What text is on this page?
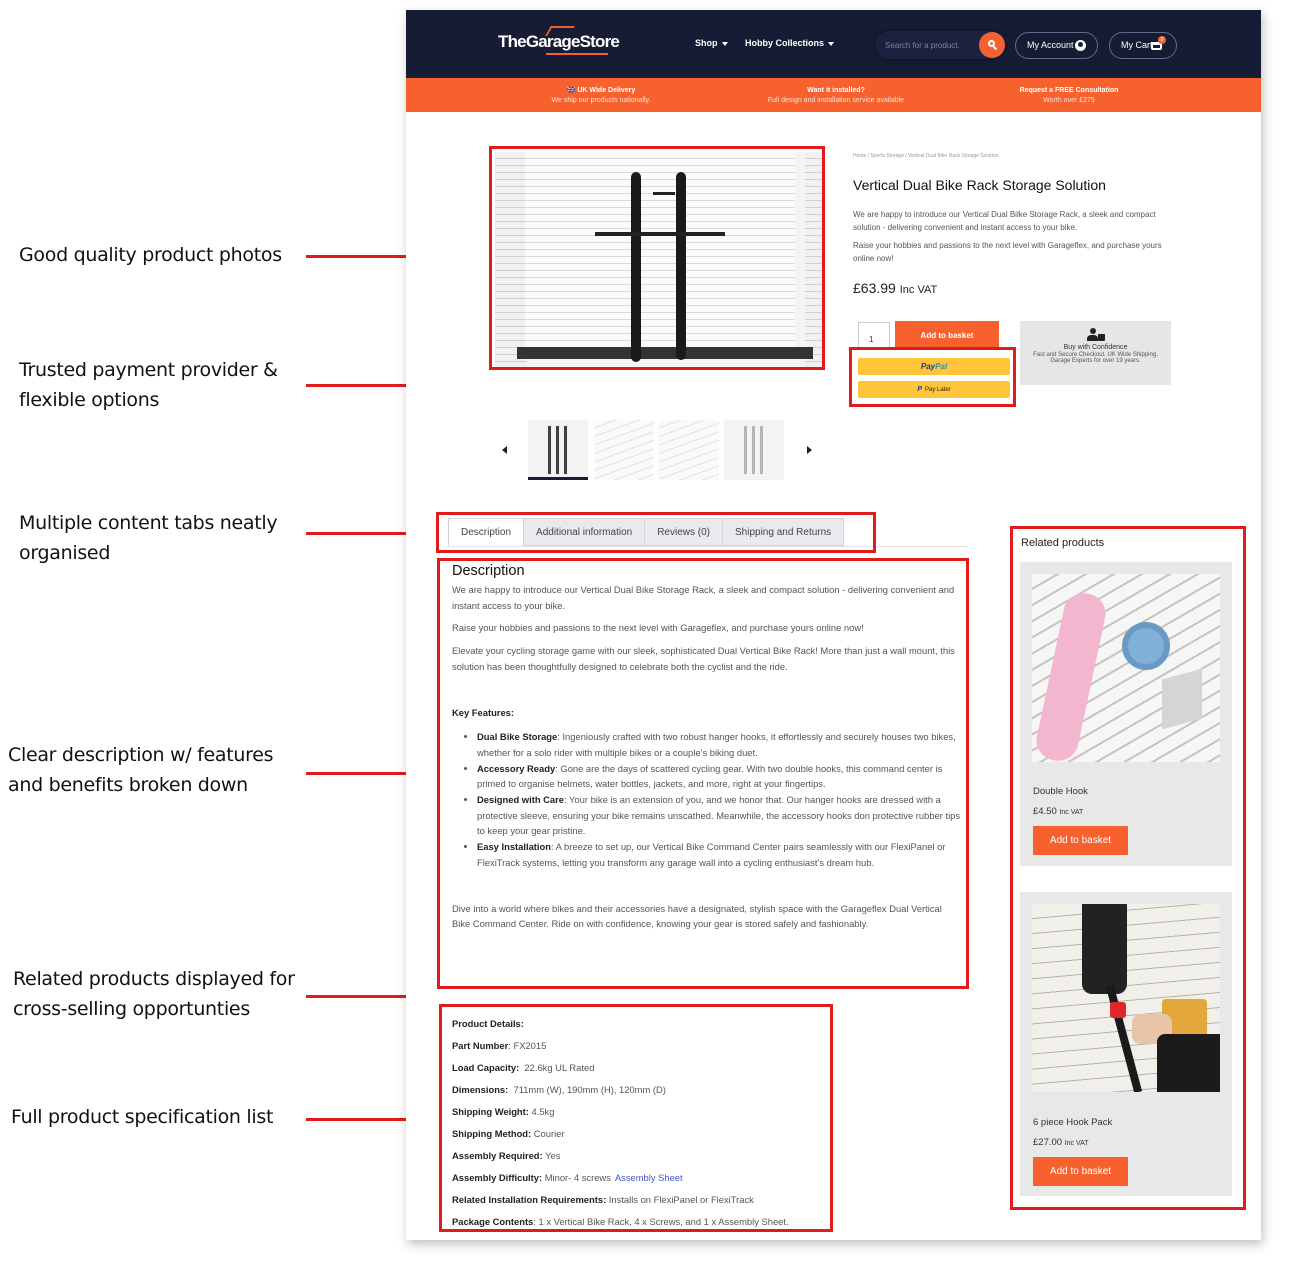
Good quality product photos
Trusted payment provider & flexible options
Multiple content tabs neatly organised
Clear description w/ features and benefits broken down
Related products displayed for cross-selling opportunties
Full product specification list
TheGarageStore	Shop	Hobby Collections
Search for a product.	My Account	My Cart	0
🇬🇧 UK Wide Delivery
We ship our products nationally.
Want it installed?
Full design and installation service available
Request a FREE Consultation
Worth over £275
Home / Sports Storage / Vertical Dual Bike Rack Storage Solution
Vertical Dual Bike Rack Storage Solution

We are happy to introduce our Vertical Dual Bilke Storage Rack, a sleek and compact solution - delivering convenient and instant access to your bike.

Raise your hobbies and passions to the next level with Garageflex, and purchase yours online now!

£63.99 Inc VAT
1
Add to basket
PayPal
P Pay Later
Buy with Confidence
Fast and Secure Checkout. UK Wide Shipping.
Garage Experts for over 19 years.
Description	Additional information	Reviews (0)	Shipping and Returns
Description

We are happy to introduce our Vertical Dual Bike Storage Rack, a sleek and compact solution - delivering convenient and instant access to your bike.

Raise your hobbies and passions to the next level with Garageflex, and purchase yours online now!

Elevate your cycling storage game with our sleek, sophisticated Dual Vertical Bike Rack! More than just a wall mount, this solution has been thoughtfully designed to celebrate both the cyclist and the ride.

Key Features:

• Dual Bike Storage: Ingeniously crafted with two robust hanger hooks, it effortlessly and securely houses two bikes, whether for a solo rider with multiple bikes or a couple’s biking duet.
• Accessory Ready: Gone are the days of scattered cycling gear. With two double hooks, this command center is primed to organise helmets, water bottles, jackets, and more, right at your fingertips.
• Designed with Care: Your bike is an extension of you, and we honor that. Our hanger hooks are dressed with a protective sleeve, ensuring your bike remains unscathed. Meanwhile, the accessory hooks don protective rubber tips to keep your gear pristine.
• Easy Installation: A breeze to set up, our Vertical Bike Command Center pairs seamlessly with our FlexiPanel or FlexiTrack systems, letting you transform any garage wall into a cycling enthusiast’s dream hub.

Dive into a world where bikes and their accessories have a designated, stylish space with the Garageflex Dual Vertical Bike Command Center. Ride on with confidence, knowing your gear is stored safely and fashionably.

Product Details:
Part Number: FX2015
Load Capacity: 22.6kg UL Rated
Dimensions: 711mm (W), 190mm (H), 120mm (D)
Shipping Weight: 4.5kg
Shipping Method: Courier
Assembly Required: Yes
Assembly Difficulty: Minor- 4 screws Assembly Sheet
Related Installation Requirements: Installs on FlexiPanel or FlexiTrack
Package Contents: 1 x Vertical Bike Rack, 4 x Screws, and 1 x Assembly Sheet.
Related products
Double Hook
£4.50 Inc VAT
Add to basket
6 piece Hook Pack
£27.00 Inc VAT
Add to basket
